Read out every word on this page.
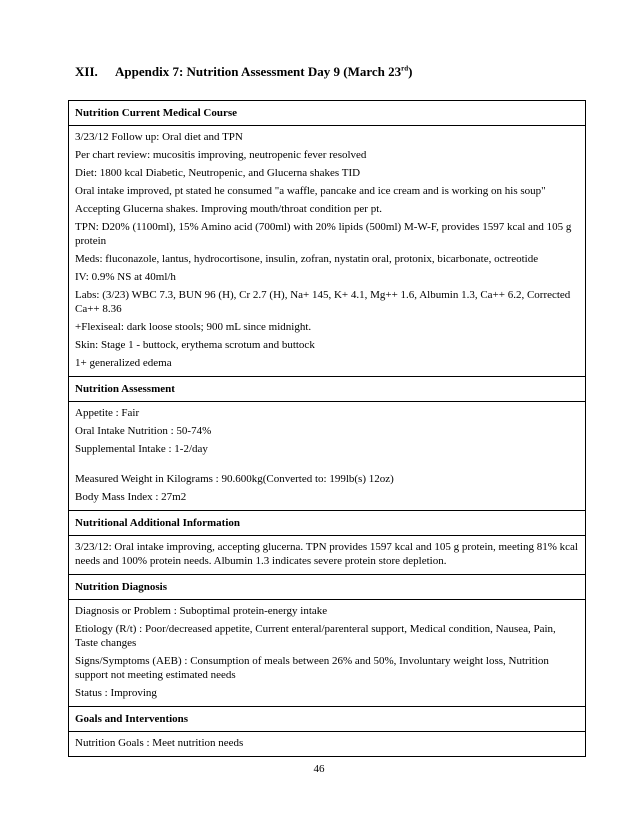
XII. Appendix 7: Nutrition Assessment Day 9 (March 23rd)
Nutrition Current Medical Course

3/23/12 Follow up: Oral diet and TPN
Per chart review: mucositis improving, neutropenic fever resolved
Diet: 1800 kcal Diabetic, Neutropenic, and Glucerna shakes TID
Oral intake improved, pt stated he consumed "a waffle, pancake and ice cream and is working on his soup"
Accepting Glucerna shakes. Improving mouth/throat condition per pt.
TPN: D20% (1100ml), 15% Amino acid (700ml) with 20% lipids (500ml) M-W-F, provides 1597 kcal and 105 g protein
Meds: fluconazole, lantus, hydrocortisone, insulin, zofran, nystatin oral, protonix, bicarbonate, octreotide
IV: 0.9% NS at 40ml/h
Labs: (3/23) WBC 7.3, BUN 96 (H), Cr 2.7 (H), Na+ 145, K+ 4.1, Mg++ 1.6, Albumin 1.3, Ca++ 6.2, Corrected Ca++ 8.36
+Flexiseal: dark loose stools; 900 mL since midnight.
Skin: Stage 1 - buttock, erythema scrotum and buttock
1+ generalized edema

Nutrition Assessment

Appetite : Fair
Oral Intake Nutrition : 50-74%
Supplemental Intake : 1-2/day
Measured Weight in Kilograms : 90.600kg(Converted to: 199lb(s) 12oz)
Body Mass Index : 27m2

Nutritional Additional Information

3/23/12: Oral intake improving, accepting glucerna. TPN provides 1597 kcal and 105 g protein, meeting 81% kcal needs and 100% protein needs. Albumin 1.3 indicates severe protein store depletion.

Nutrition Diagnosis

Diagnosis or Problem : Suboptimal protein-energy intake
Etiology (R/t) : Poor/decreased appetite, Current enteral/parenteral support, Medical condition, Nausea, Pain, Taste changes
Signs/Symptoms (AEB) : Consumption of meals between 26% and 50%, Involuntary weight loss, Nutrition support not meeting estimated needs
Status : Improving

Goals and Interventions

Nutrition Goals : Meet nutrition needs
46
